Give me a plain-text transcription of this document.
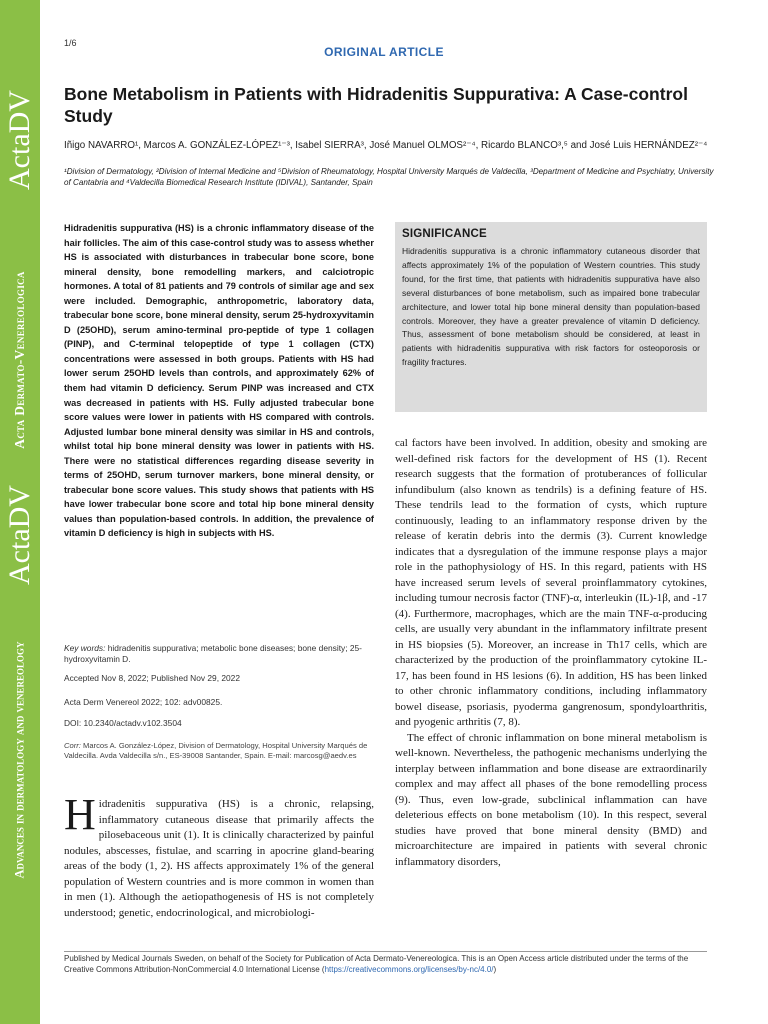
ActaDV
Acta Dermato-Venereologica
ActaDV
Advances in dermatology and venereology
1/6
ORIGINAL ARTICLE
Bone Metabolism in Patients with Hidradenitis Suppurativa: A Case-control Study
Iñigo NAVARRO¹, Marcos A. GONZÁLEZ-LÓPEZ¹⁻³, Isabel SIERRA³, José Manuel OLMOS²⁻⁴, Ricardo BLANCO³,⁵ and José Luis HERNÁNDEZ²⁻⁴
¹Division of Dermatology, ²Division of Internal Medicine and ⁵Division of Rheumatology, Hospital University Marqués de Valdecilla, ³Department of Medicine and Psychiatry, University of Cantabria and ⁴Valdecilla Biomedical Research Institute (IDIVAL), Santander, Spain

Hidradenitis suppurativa (HS) is a chronic inflammatory disease of the hair follicles. The aim of this case-control study was to assess whether HS is associated with disturbances in trabecular bone score, bone mineral density, bone remodelling markers, and calciotropic hormones. A total of 81 patients and 79 controls of similar age and sex were included. Demographic, anthropometric, laboratory data, trabecular bone score, bone mineral density, serum 25-hydroxyvitamin D (25OHD), serum amino-terminal pro-peptide of type 1 collagen (PINP), and C-terminal telopeptide of type 1 collagen (CTX) concentrations were assessed in both groups. Patients with HS had lower serum 25OHD levels than controls, and approximately 62% of them had vitamin D deficiency. Serum PINP was increased and CTX was decreased in patients with HS. Fully adjusted trabecular bone score values were lower in patients with HS compared with controls. Adjusted lumbar bone mineral density was similar in HS and controls, whilst total hip bone mineral density was lower in patients with HS. There were no statistical differences regarding disease severity in terms of 25OHD, serum turnover markers, bone mineral density, or trabecular bone score values. This study shows that patients with HS have lower trabecular bone score and total hip bone mineral density values than population-based controls. In addition, the prevalence of vitamin D deficiency is high in subjects with HS.

Key words: hidradenitis suppurativa; metabolic bone diseases; bone density; 25-hydroxyvitamin D.
Accepted Nov 8, 2022; Published Nov 29, 2022
Acta Derm Venereol 2022; 102: adv00825.
DOI: 10.2340/actadv.v102.3504
Corr: Marcos A. González-López, Division of Dermatology, Hospital University Marqués de Valdecilla. Avda Valdecilla s/n., ES-39008 Santander, Spain. E-mail: marcosg@aedv.es

Hidradenitis suppurativa (HS) is a chronic, relapsing, inflammatory cutaneous disease that primarily affects the pilosebaceous unit (1). It is clinically characterized by painful nodules, abscesses, fistulae, and scarring in apocrine gland-bearing areas of the body (1, 2). HS affects approximately 1% of the general population of Western countries and is more common in women than in men (1). Although the aetiopathogenesis of HS is not completely understood; genetic, endocrinological, and microbiologi-

SIGNIFICANCE

Hidradenitis suppurativa is a chronic inflammatory cutaneous disorder that affects approximately 1% of the population of Western countries. This study found, for the first time, that patients with hidradenitis suppurativa have also several disturbances of bone metabolism, such as impaired bone trabecular architecture, and lower total hip bone mineral density than population-based controls. Moreover, they have a greater prevalence of vitamin D deficiency. Thus, assessment of bone metabolism should be considered, at least in patients with hidradenitis suppurativa with risk factors for osteoporosis or fragility fractures.

cal factors have been involved. In addition, obesity and smoking are well-defined risk factors for the development of HS (1). Recent research suggests that the formation of protuberances of follicular infundibulum (also known as tendrils) is a defining feature of HS. These tendrils lead to the formation of cysts, which rupture continuously, leading to an inflammatory response driven by the release of keratin debris into the dermis (3). Current knowledge indicates that a dysregulation of the immune response plays a major role in the pathophysiology of HS. In this regard, patients with HS have increased serum levels of several proinflammatory cytokines, including tumour necrosis factor (TNF)-α, interleukin (IL)-1β, and -17 (4). Furthermore, macrophages, which are the main TNF-α-producing cells, are usually very abundant in the inflammatory infiltrate present in HS biopsies (5). Moreover, an increase in Th17 cells, which are characterized by the production of the proinflammatory cytokine IL-17, has been found in HS lesions (6). In addition, HS has been linked to other chronic inflammatory conditions, including inflammatory bowel disease, psoriasis, pyoderma gangrenosum, spondyloarthritis, and pyogenic arthritis (7, 8).

The effect of chronic inflammation on bone mineral metabolism is well-known. Nevertheless, the pathogenic mechanisms underlying the interplay between inflammation and bone disease are extraordinarily complex and may affect all phases of the bone remodelling process (9). Thus, even low-grade, subclinical inflammation can have deleterious effects on bone metabolism (10). In this respect, several studies have proved that bone mineral density (BMD) and microarchitecture are impaired in patients with several chronic inflammatory disorders,

Published by Medical Journals Sweden, on behalf of the Society for Publication of Acta Dermato-Venereologica. This is an Open Access article distributed under the terms of the Creative Commons Attribution-NonCommercial 4.0 International License (https://creativecommons.org/licenses/by-nc/4.0/)
